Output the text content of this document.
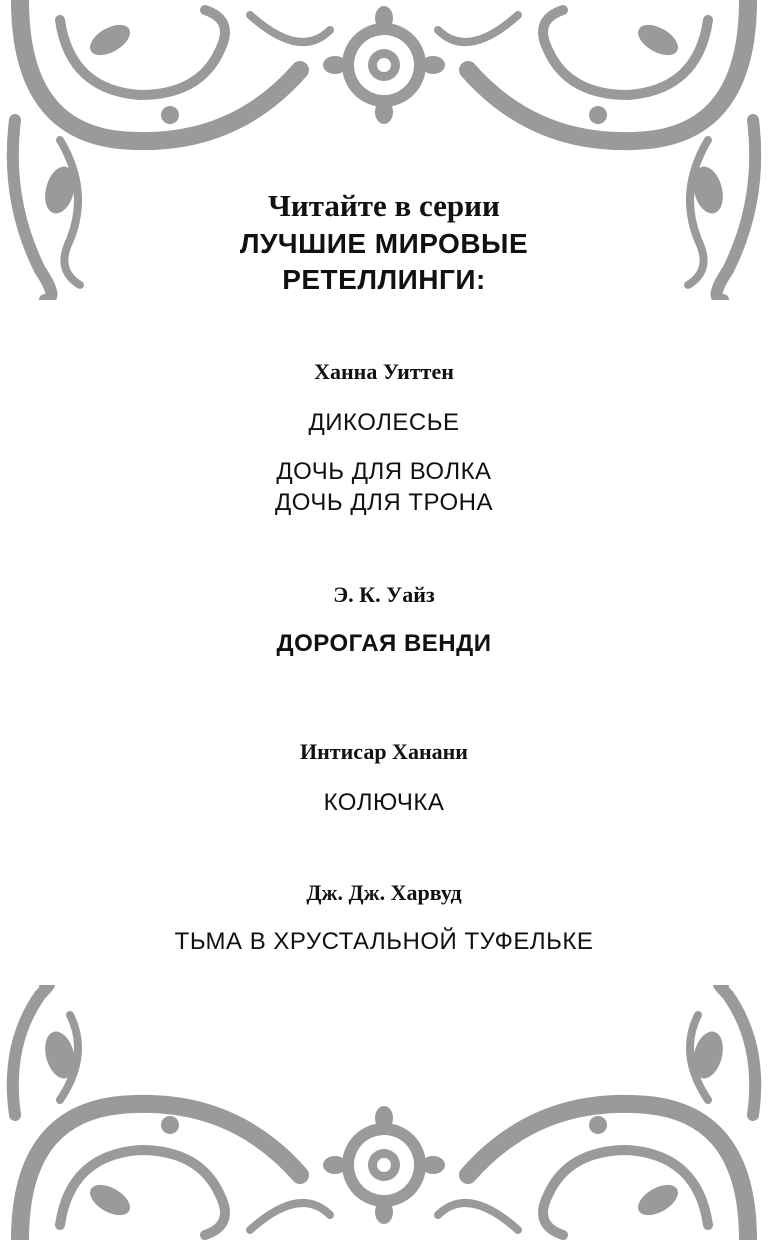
Читайте в серии
ЛУЧШИЕ МИРОВЫЕ
РЕТЕЛЛИНГИ:
Ханна Уиттен
ДИКОЛЕСЬЕ
ДОЧЬ ДЛЯ ВОЛКА
ДОЧЬ ДЛЯ ТРОНА
Э. К. Уайз
ДОРОГАЯ ВЕНДИ
Интисар Ханани
КОЛЮЧКА
Дж. Дж. Харвуд
ТЬМА В ХРУСТАЛЬНОЙ ТУФЕЛЬКЕ
